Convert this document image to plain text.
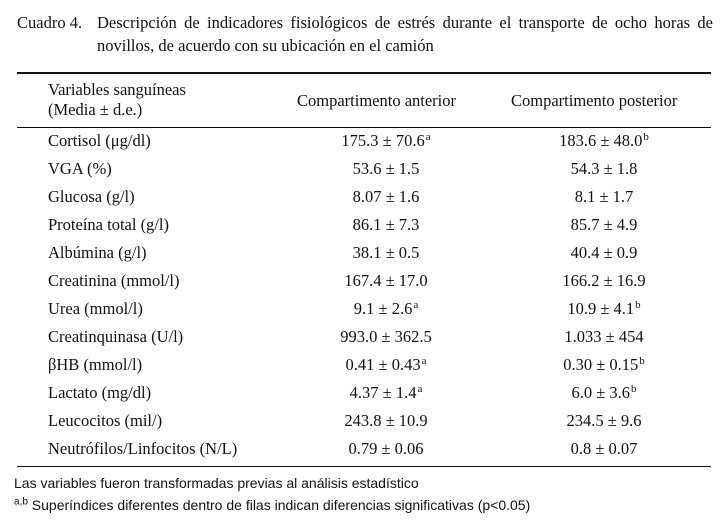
Cuadro 4. Descripción de indicadores fisiológicos de estrés durante el transporte de ocho horas de novillos, de acuerdo con su ubicación en el camión
Variables sanguíneas
(Media ± d.e.)	Compartimento anterior	Compartimento posterior
Cortisol (μg/dl)	175.3 ± 70.6$^a$	183.6 ± 48.0$^b$
VGA (%)	53.6 ± 1.5	54.3 ± 1.8
Glucosa (g/l)	8.07 ± 1.6	8.1 ± 1.7
Proteína total (g/l)	86.1 ± 7.3	85.7 ± 4.9
Albúmina (g/l)	38.1 ± 0.5	40.4 ± 0.9
Creatinina (mmol/l)	167.4 ± 17.0	166.2 ± 16.9
Urea (mmol/l)	9.1 ± 2.6$^a$	10.9 ± 4.1$^b$
Creatinquinasa (U/l)	993.0 ± 362.5	1.033 ± 454
βHB (mmol/l)	0.41 ± 0.43$^a$	0.30 ± 0.15$^b$
Lactato (mg/dl)	4.37 ± 1.4$^a$	6.0 ± 3.6$^b$
Leucocitos (mil/)	243.8 ± 10.9	234.5 ± 9.6
Neutrófilos/Linfocitos (N/L)	0.79 ± 0.06	0.8 ± 0.07
Las variables fueron transformadas previas al análisis estadístico
$^{a,b}$ Superíndices diferentes dentro de filas indican diferencias significativas (p<0.05)
